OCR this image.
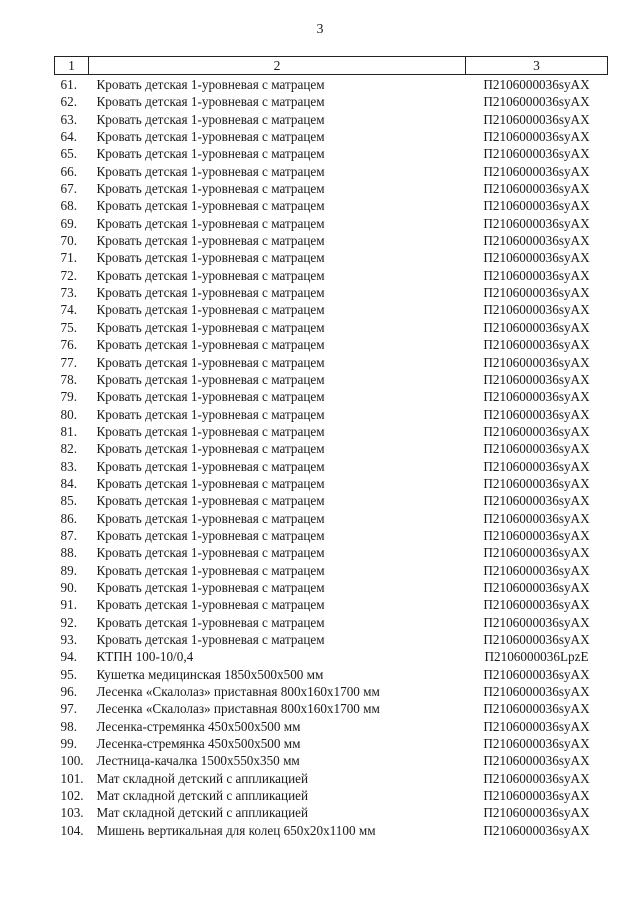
3
1	2	3
61.	Кровать детская 1-уровневая с матрацем	П2106000036syAX
62.	Кровать детская 1-уровневая с матрацем	П2106000036syAX
63.	Кровать детская 1-уровневая с матрацем	П2106000036syAX
64.	Кровать детская 1-уровневая с матрацем	П2106000036syAX
65.	Кровать детская 1-уровневая с матрацем	П2106000036syAX
66.	Кровать детская 1-уровневая с матрацем	П2106000036syAX
67.	Кровать детская 1-уровневая с матрацем	П2106000036syAX
68.	Кровать детская 1-уровневая с матрацем	П2106000036syAX
69.	Кровать детская 1-уровневая с матрацем	П2106000036syAX
70.	Кровать детская 1-уровневая с матрацем	П2106000036syAX
71.	Кровать детская 1-уровневая с матрацем	П2106000036syAX
72.	Кровать детская 1-уровневая с матрацем	П2106000036syAX
73.	Кровать детская 1-уровневая с матрацем	П2106000036syAX
74.	Кровать детская 1-уровневая с матрацем	П2106000036syAX
75.	Кровать детская 1-уровневая с матрацем	П2106000036syAX
76.	Кровать детская 1-уровневая с матрацем	П2106000036syAX
77.	Кровать детская 1-уровневая с матрацем	П2106000036syAX
78.	Кровать детская 1-уровневая с матрацем	П2106000036syAX
79.	Кровать детская 1-уровневая с матрацем	П2106000036syAX
80.	Кровать детская 1-уровневая с матрацем	П2106000036syAX
81.	Кровать детская 1-уровневая с матрацем	П2106000036syAX
82.	Кровать детская 1-уровневая с матрацем	П2106000036syAX
83.	Кровать детская 1-уровневая с матрацем	П2106000036syAX
84.	Кровать детская 1-уровневая с матрацем	П2106000036syAX
85.	Кровать детская 1-уровневая с матрацем	П2106000036syAX
86.	Кровать детская 1-уровневая с матрацем	П2106000036syAX
87.	Кровать детская 1-уровневая с матрацем	П2106000036syAX
88.	Кровать детская 1-уровневая с матрацем	П2106000036syAX
89.	Кровать детская 1-уровневая с матрацем	П2106000036syAX
90.	Кровать детская 1-уровневая с матрацем	П2106000036syAX
91.	Кровать детская 1-уровневая с матрацем	П2106000036syAX
92.	Кровать детская 1-уровневая с матрацем	П2106000036syAX
93.	Кровать детская 1-уровневая с матрацем	П2106000036syAX
94.	КТПН 100-10/0,4	П2106000036LpzE
95.	Кушетка медицинская 1850x500x500 мм	П2106000036syAX
96.	Лесенка «Скалолаз» приставная 800x160x1700 мм	П2106000036syAX
97.	Лесенка «Скалолаз» приставная 800x160x1700 мм	П2106000036syAX
98.	Лесенка-стремянка 450x500x500 мм	П2106000036syAX
99.	Лесенка-стремянка 450x500x500 мм	П2106000036syAX
100.	Лестница-качалка 1500x550x350 мм	П2106000036syAX
101.	Мат складной детский с аппликацией	П2106000036syAX
102.	Мат складной детский с аппликацией	П2106000036syAX
103.	Мат складной детский с аппликацией	П2106000036syAX
104.	Мишень вертикальная для колец 650x20x1100 мм	П2106000036syAX
